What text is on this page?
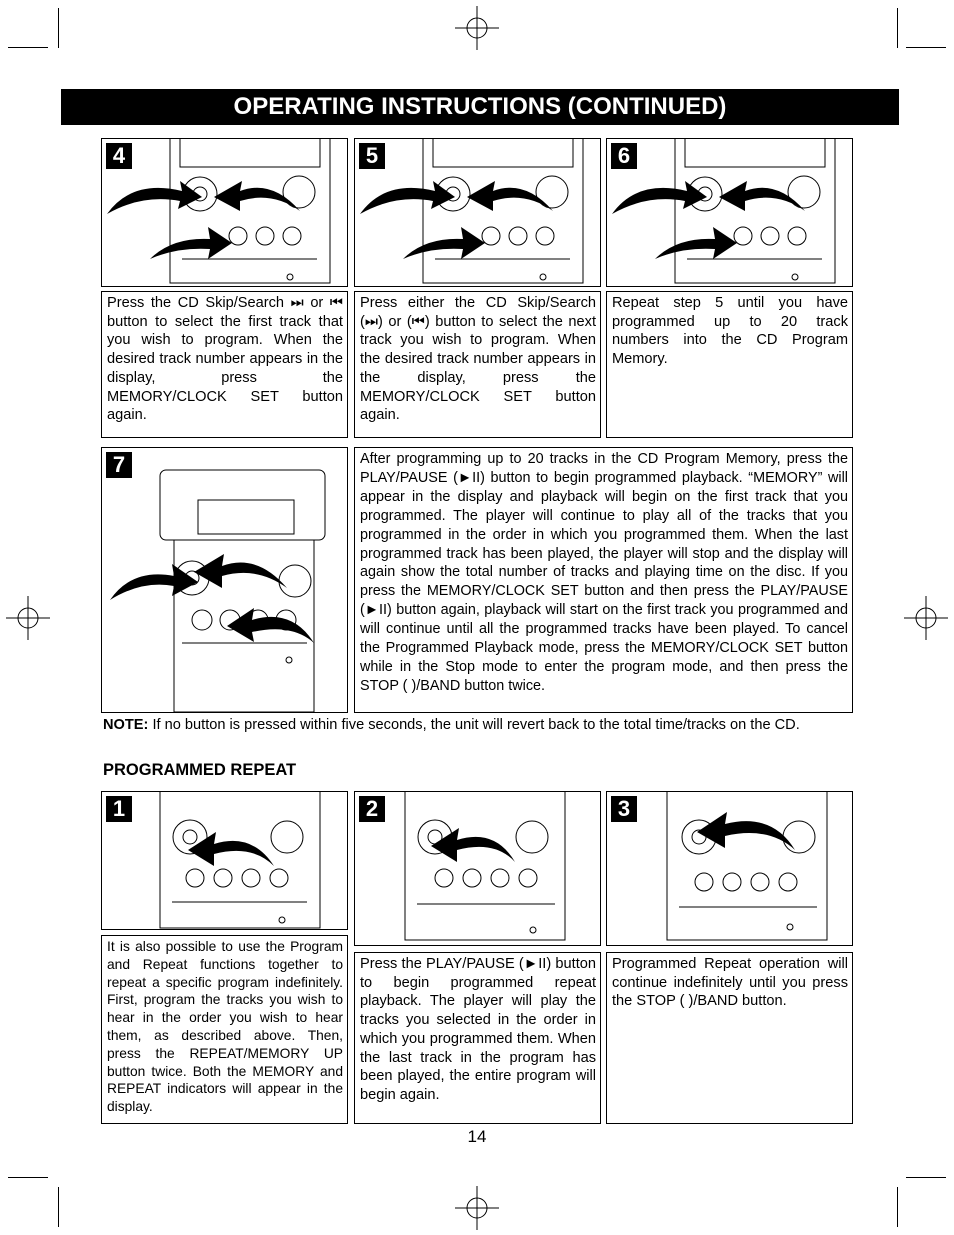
OPERATING INSTRUCTIONS (CONTINUED)
4	5	6
Press the CD Skip/Search ⏭ or ⏮ button to select the first track that you wish to program. When the desired track number appears in the display, press the MEMORY/CLOCK SET button again.
Press either the CD Skip/Search (⏭) or (⏮) button to select the next track you wish to program. When the desired track number appears in the display, press the MEMORY/CLOCK SET button again.
Repeat step 5 until you have programmed up to 20 track numbers into the CD Program Memory.
7	After programming up to 20 tracks in the CD Program Memory, press the PLAY/PAUSE (►II) button to begin programmed playback. “MEMORY” will appear in the display and playback will begin on the first track that you programmed. The player will continue to play all of the tracks that you programmed in the order in which you programmed them. When the last programmed track has been played, the player will stop and the display will again show the total number of tracks and playing time on the disc. If you press the MEMORY/CLOCK SET button and then press the PLAY/PAUSE (►II) button again, playback will start on the first track you programmed and will continue until all the programmed tracks have been played. To cancel the Programmed Playback mode, press the MEMORY/CLOCK SET button while in the Stop mode to enter the program mode, and then press the STOP ( )/BAND button twice.
NOTE: If no button is pressed within five seconds, the unit will revert back to the total time/tracks on the CD.
PROGRAMMED REPEAT
1	2	3
It is also possible to use the Program and Repeat functions together to repeat a specific program indefinitely. First, program the tracks you wish to hear in the order you wish to hear them, as described above. Then, press the REPEAT/MEMORY UP button twice. Both the MEMORY and REPEAT indicators will appear in the display.
Press the PLAY/PAUSE (►II) button to begin programmed repeat playback. The player will play the tracks you selected in the order in which you programmed them. When the last track in the program has been played, the entire program will begin again.
Programmed Repeat operation will continue indefinitely until you press the STOP ( )/BAND button.
14
